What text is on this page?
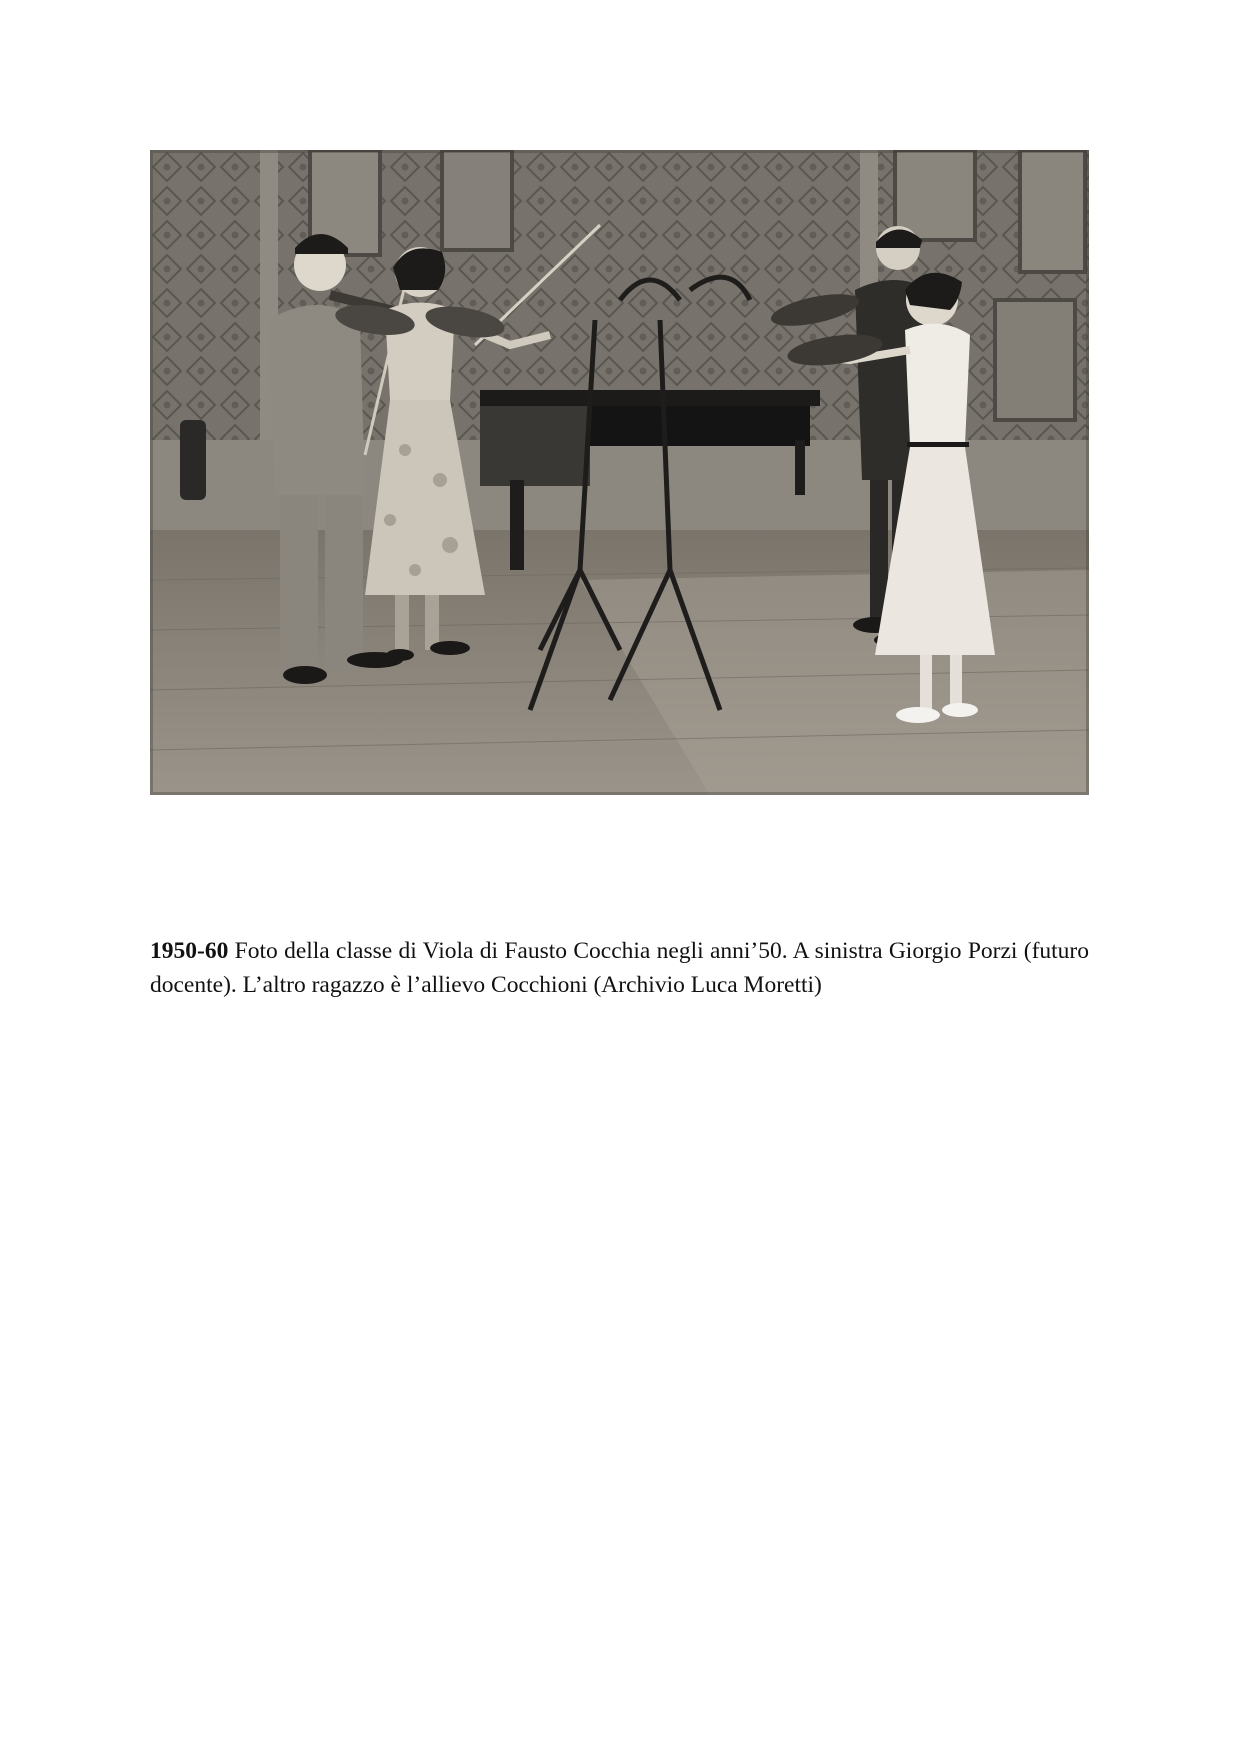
1950-60 Foto della classe di Viola di Fausto Cocchia negli anni’50. A sinistra Giorgio Porzi (futuro docente). L’altro ragazzo è l’allievo Cocchioni (Archivio Luca Moretti)
